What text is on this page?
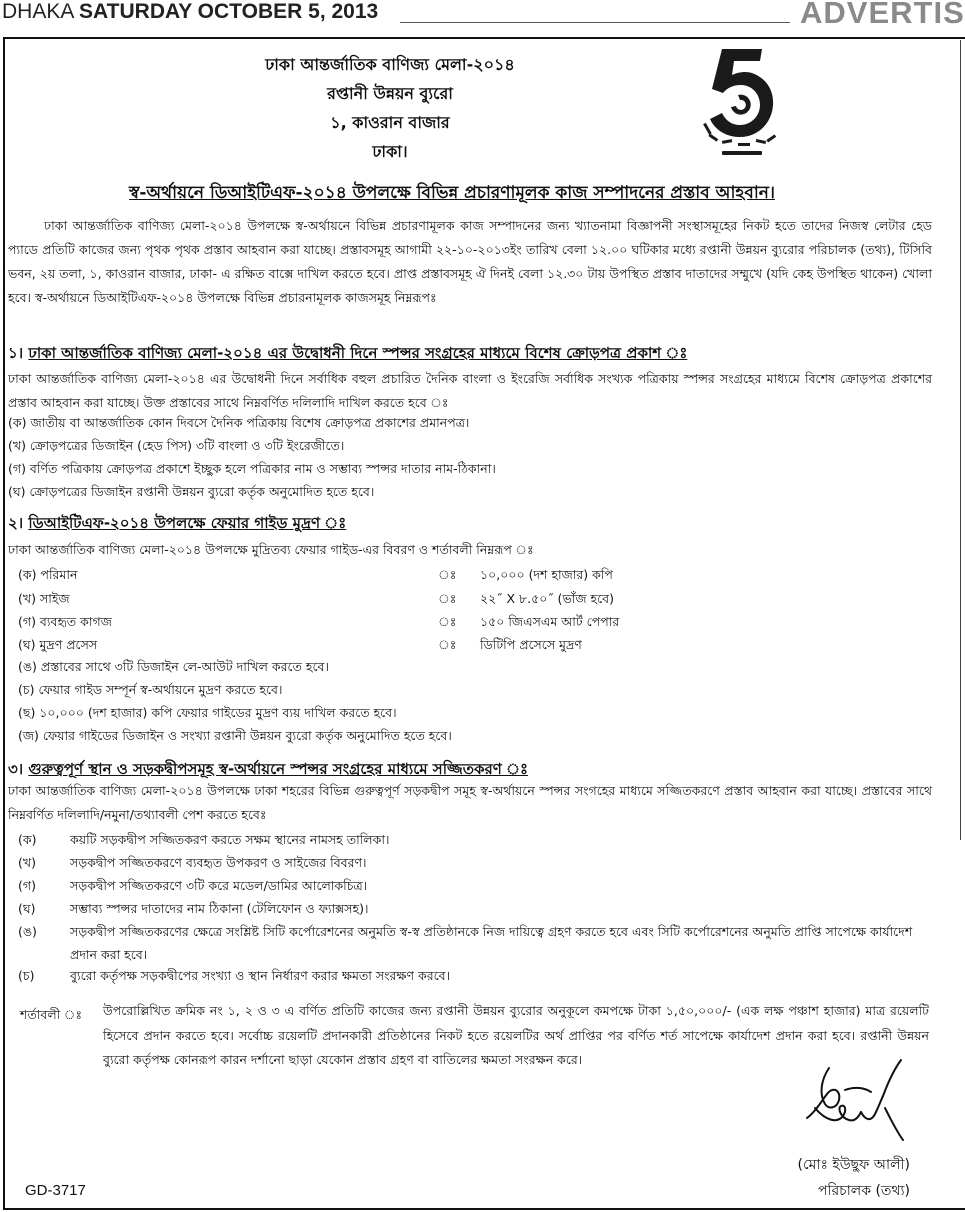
DHAKA SATURDAY OCTOBER 5, 2013	ADVERTIS
ঢাকা আন্তর্জাতিক বাণিজ্য মেলা-২০১৪
রপ্তানী উন্নয়ন ব্যুরো
১, কাওরান বাজার
ঢাকা।
স্ব-অর্থায়নে ডিআইটিএফ-২০১৪ উপলক্ষে বিভিন্ন প্রচারণামূলক কাজ সম্পাদনের প্রস্তাব আহবান।
ঢাকা আন্তর্জাতিক বাণিজ্য মেলা-২০১৪ উপলক্ষে স্ব-অর্থায়নে বিভিন্ন প্রচারণামূলক কাজ সম্পাদনের জন্য খ্যাতনামা বিজ্ঞাপনী সংস্থাসমূহের নিকট হতে তাদের নিজস্ব লেটার হেড প্যাডে প্রতিটি কাজের জন্য পৃথক পৃথক প্রস্তাব আহবান করা যাচ্ছে। প্রস্তাবসমূহ আগামী ২২-১০-২০১৩ইং তারিখ বেলা ১২.০০ ঘটিকার মধ্যে রপ্তানী উন্নয়ন ব্যুরোর পরিচালক (তথ্য), টিসিবি ভবন, ২য় তলা, ১, কাওরান বাজার, ঢাকা- এ রক্ষিত বাক্সে দাখিল করতে হবে। প্রাপ্ত প্রস্তাবসমূহ ঐ দিনই বেলা ১২.৩০ টায় উপস্থিত প্রস্তাব দাতাদের সম্মুখে (যদি কেহ উপস্থিত থাকেন) খোলা হবে। স্ব-অর্থায়নে ডিআইটিএফ-২০১৪ উপলক্ষে বিভিন্ন প্রচারনামূলক কাজসমূহ নিম্নরূপঃ
১। ঢাকা আন্তর্জাতিক বাণিজ্য মেলা-২০১৪ এর উদ্বোধনী দিনে স্পন্সর সংগ্রহের মাধ্যমে বিশেষ ক্রোড়পত্র প্রকাশ ঃ
ঢাকা আন্তর্জাতিক বাণিজ্য মেলা-২০১৪ এর উদ্বোধনী দিনে সর্বাধিক বহুল প্রচারিত দৈনিক বাংলা ও ইংরেজি সর্বাধিক সংখ্যক পত্রিকায় স্পন্সর সংগ্রহের মাধ্যমে বিশেষ ক্রোড়পত্র প্রকাশের প্রস্তাব আহবান করা যাচ্ছে। উক্ত প্রস্তাবের সাথে নিম্নবর্ণিত দলিলাদি দাখিল করতে হবে ঃ
(ক) জাতীয় বা আন্তর্জাতিক কোন দিবসে দৈনিক পত্রিকায় বিশেষ ক্রোড়পত্র প্রকাশের প্রমানপত্র।
(খ) ক্রোড়পত্রের ডিজাইন (হেড পিস) ৩টি বাংলা ও ৩টি ইংরেজীতে।
(গ) বর্ণিত পত্রিকায় ক্রোড়পত্র প্রকাশে ইচ্ছুক হলে পত্রিকার নাম ও সম্ভাব্য স্পন্সর দাতার নাম-ঠিকানা।
(ঘ) ক্রোড়পত্রের ডিজাইন রপ্তানী উন্নয়ন ব্যুরো কর্তৃক অনুমোদিত হতে হবে।
২। ডিআইটিএফ-২০১৪ উপলক্ষে ফেয়ার গাইড মুদ্রণ ঃ
ঢাকা আন্তর্জাতিক বাণিজ্য মেলা-২০১৪ উপলক্ষে মুদ্রিতব্য ফেয়ার গাইড-এর বিবরণ ও শর্তাবলী নিম্নরূপ ঃ
(ক) পরিমান	ঃ ১০,০০০ (দশ হাজার) কপি
(খ) সাইজ	ঃ ২২˝ X ৮.৫০˝ (ভাঁজ হবে)
(গ) ব্যবহৃত কাগজ	ঃ ১৫০ জিএসএম আর্ট পেপার
(ঘ) মুদ্রণ প্রসেস	ঃ ডিটিপি প্রসেসে মুদ্রণ
(ঙ) প্রস্তাবের সাথে ৩টি ডিজাইন লে-আউট দাখিল করতে হবে।
(চ) ফেয়ার গাইড সম্পূর্ন স্ব-অর্থায়নে মুদ্রণ করতে হবে।
(ছ) ১০,০০০ (দশ হাজার) কপি ফেয়ার গাইডের মুদ্রণ ব্যয় দাখিল করতে হবে।
(জ) ফেয়ার গাইডের ডিজাইন ও সংখ্যা রপ্তানী উন্নয়ন ব্যুরো কর্তৃক অনুমোদিত হতে হবে।
৩। গুরুত্বপূর্ণ স্থান ও সড়কদ্বীপসমূহ স্ব-অর্থায়নে স্পন্সর সংগ্রহের মাধ্যমে সজ্জিতকরণ ঃ
ঢাকা আন্তর্জাতিক বাণিজ্য মেলা-২০১৪ উপলক্ষে ঢাকা শহরের বিভিন্ন গুরুত্বপূর্ণ সড়কদ্বীপ সমূহ স্ব-অর্থায়নে স্পন্সর সংগহের মাধ্যমে সজ্জিতকরণে প্রস্তাব আহবান করা যাচ্ছে। প্রস্তাবের সাথে নিম্নবর্ণিত দলিলাদি/নমুনা/তথ্যাবলী পেশ করতে হবেঃ
(ক)	কয়টি সড়কদ্বীপ সজ্জিতকরণ করতে সক্ষম স্থানের নামসহ তালিকা।
(খ)	সড়কদ্বীপ সজ্জিতকরণে ব্যবহৃত উপকরণ ও সাইজের বিবরণ।
(গ)	সড়কদ্বীপ সজ্জিতকরণে ৩টি করে মডেল/ডামির আলোকচিত্র।
(ঘ)	সম্ভাব্য স্পন্সর দাতাদের নাম ঠিকানা (টেলিফোন ও ফ্যাক্সসহ)।
(ঙ)	সড়কদ্বীপ সজ্জিতকরণের ক্ষেত্রে সংশ্লিষ্ট সিটি কর্পোরেশনের অনুমতি স্ব-স্ব প্রতিষ্ঠানকে নিজ দায়িত্বে গ্রহণ করতে হবে এবং সিটি কর্পোরেশনের অনুমতি প্রাপ্তি সাপেক্ষে কার্যাদেশ প্রদান করা হবে।
(চ)	ব্যুরো কর্তৃপক্ষ সড়কদ্বীপের সংখ্যা ও স্থান নির্ধারণ করার ক্ষমতা সংরক্ষণ করবে।
শর্তাবলী ঃ উপরোল্লিখিত ক্রমিক নং ১, ২ ও ৩ এ বর্ণিত প্রতিটি কাজের জন্য রপ্তানী উন্নয়ন ব্যুরোর অনুকূলে কমপক্ষে টাকা ১,৫০,০০০/- (এক লক্ষ পঞ্চাশ হাজার) মাত্র রয়েলটি হিসেবে প্রদান করতে হবে। সর্বোচ্চ রয়েলটি প্রদানকারী প্রতিষ্ঠানের নিকট হতে রয়েলটির অর্থ প্রাপ্তির পর বর্ণিত শর্ত সাপেক্ষে কার্যাদেশ প্রদান করা হবে। রপ্তানী উন্নয়ন ব্যুরো কর্তৃপক্ষ কোনরূপ কারন দর্শানো ছাড়া যেকোন প্রস্তাব গ্রহণ বা বাতিলের ক্ষমতা সংরক্ষন করে।
(মোঃ ইউছুফ আলী)
পরিচালক (তথ্য)
GD-3717
